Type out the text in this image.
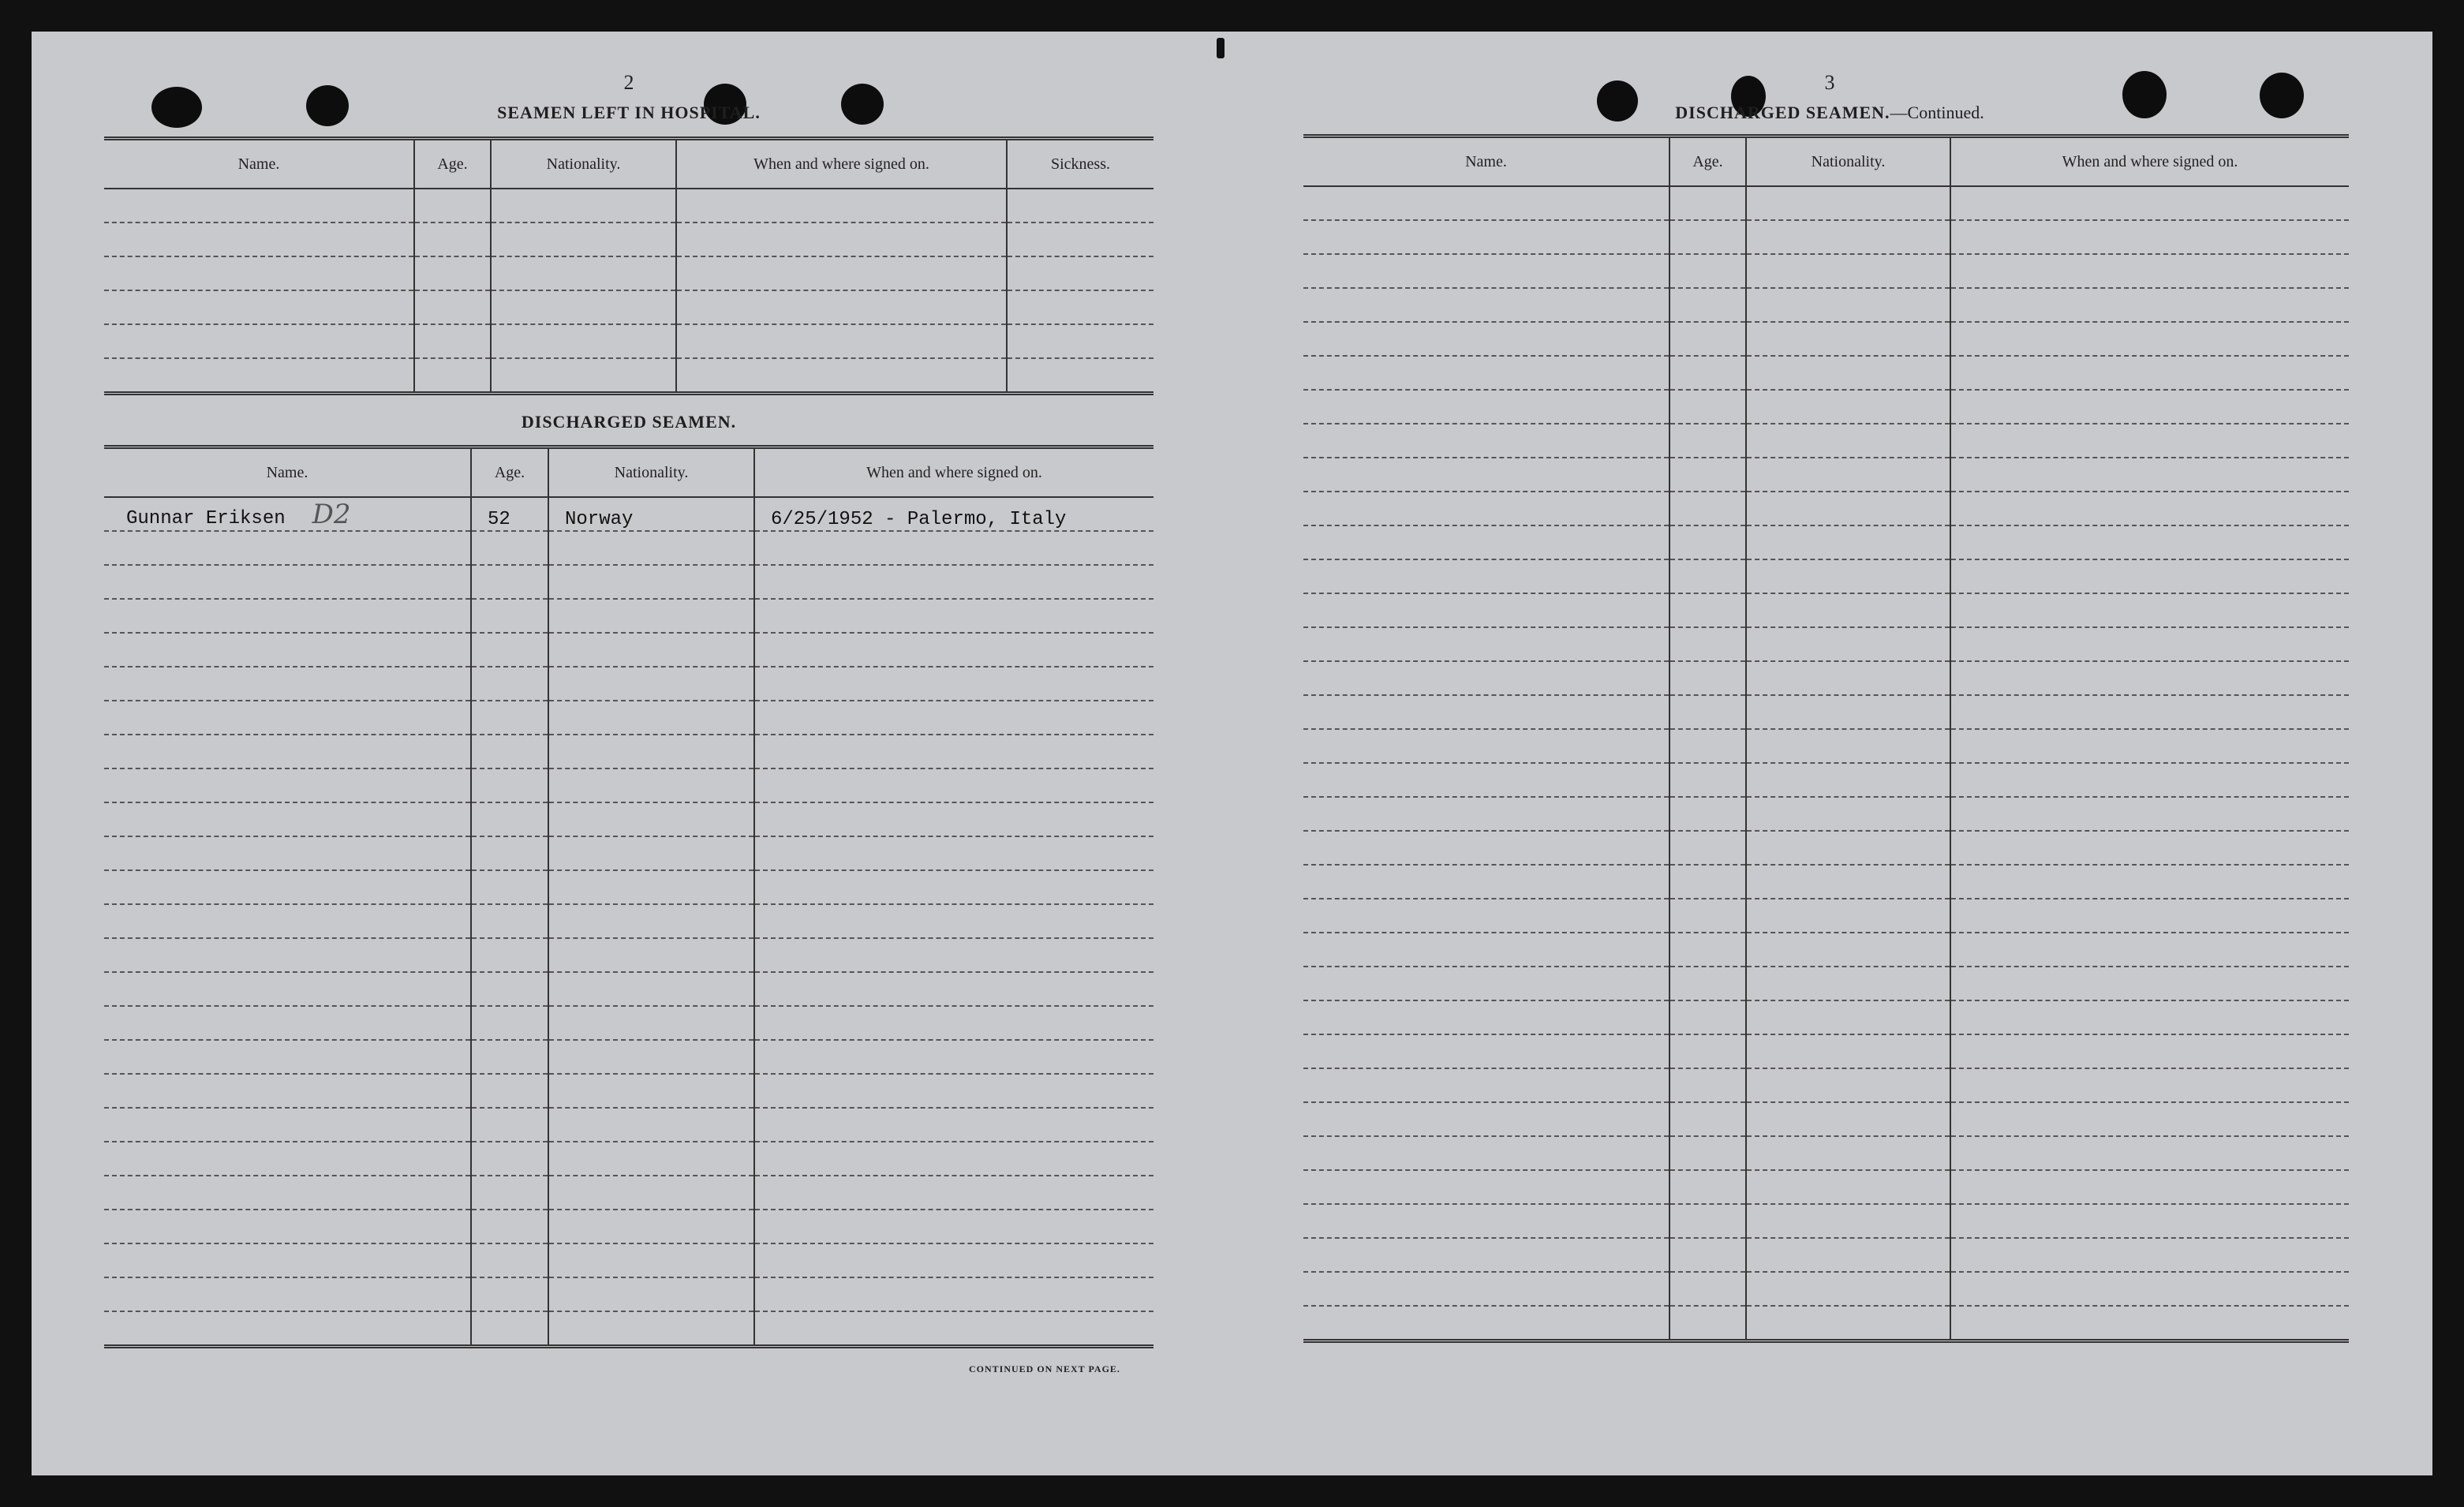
2
SEAMEN LEFT IN HOSPITAL.
Name.	Age.	Nationality.	When and where signed on.	Sickness.

DISCHARGED SEAMEN.
Name.	Age.	Nationality.	When and where signed on.
Gunnar Eriksen D2	52	Norway	6/25/1952 - Palermo, Italy

CONTINUED ON NEXT PAGE.
3
DISCHARGED SEAMEN.—Continued.
Name.	Age.	Nationality.	When and where signed on.
